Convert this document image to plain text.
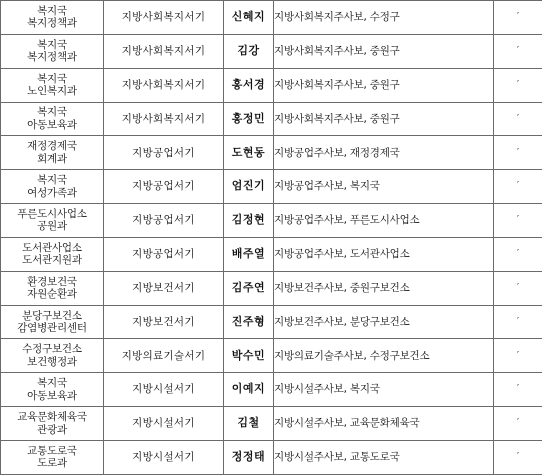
복지국
복지정책과	지방사회복지서기	신혜지	지방사회복지주사보, 수정구	′

복지국
복지정책과	지방사회복지서기	김강	지방사회복지주사보, 중원구	′

복지국
노인복지과	지방사회복지서기	홍서경	지방사회복지주사보, 중원구	′

복지국
아동보육과	지방사회복지서기	홍정민	지방사회복지주사보, 중원구	′

재정경제국
회계과	지방공업서기	도현동	지방공업주사보, 재정경제국	′

복지국
여성가족과	지방공업서기	엄진기	지방공업주사보, 복지국	′

푸른도시사업소
공원과	지방공업서기	김정현	지방공업주사보, 푸른도시사업소	′

도서관사업소
도서관지원과	지방공업서기	배주열	지방공업주사보, 도서관사업소	′

환경보건국
자원순환과	지방보건서기	김주연	지방보건주사보, 중원구보건소	′

분당구보건소
감염병관리센터	지방보건서기	진주형	지방보건주사보, 분당구보건소	′

수정구보건소
보건행정과	지방의료기술서기	박수민	지방의료기술주사보, 수정구보건소	′

복지국
아동보육과	지방시설서기	이예지	지방시설주사보, 복지국	′

교육문화체육국
관광과	지방시설서기	김철	지방시설주사보, 교육문화체육국	′

교통도로국
도로과	지방시설서기	정정태	지방시설주사보, 교통도로국	′
